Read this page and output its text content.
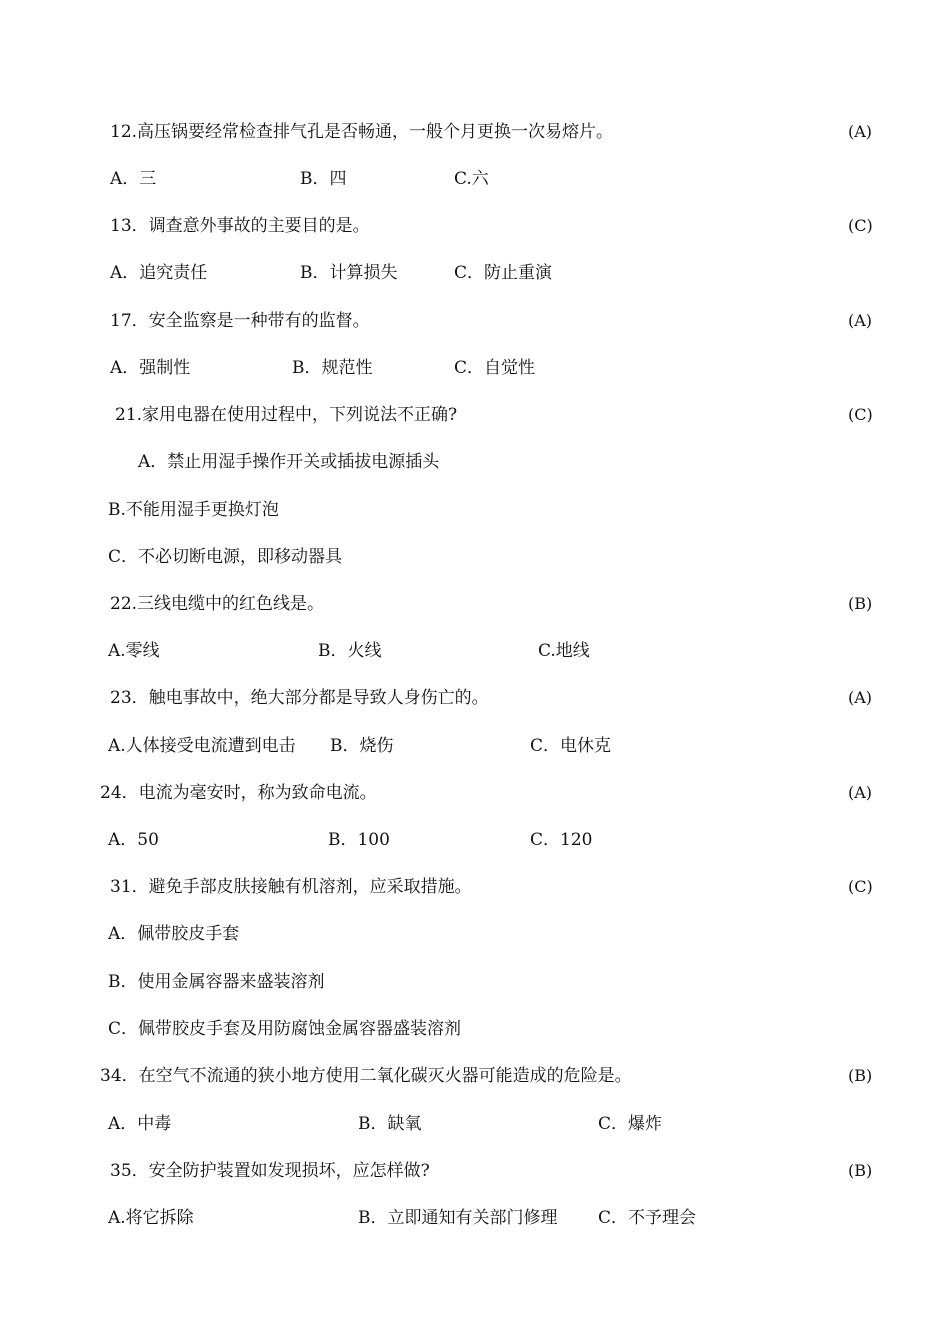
12.高压锅要经常检查排气孔是否畅通，一般个月更换一次易熔片。	(A)
A．三	B．四	C.六
13．调查意外事故的主要目的是。	(C)
A．追究责任	B．计算损失	C．防止重演
17．安全监察是一种带有的监督。	(A)
A．强制性	B．规范性	C．自觉性
21.家用电器在使用过程中，下列说法不正确?	(C)
A．禁止用湿手操作开关或插拔电源插头
B.不能用湿手更换灯泡
C．不必切断电源，即移动器具
22.三线电缆中的红色线是。	(B)
A.零线	B．火线	C.地线
23．触电事故中，绝大部分都是导致人身伤亡的。	(A)
A.人体接受电流遭到电击 B．烧伤	C．电休克
24．电流为毫安时，称为致命电流。	(A)
A．50	B．100	C．120
31．避免手部皮肤接触有机溶剂，应采取措施。	(C)
A．佩带胶皮手套
B．使用金属容器来盛装溶剂
C．佩带胶皮手套及用防腐蚀金属容器盛装溶剂
34．在空气不流通的狭小地方使用二氧化碳灭火器可能造成的危险是。	(B)
A．中毒	B．缺氧	C．爆炸
35．安全防护装置如发现损坏，应怎样做?	(B)
A.将它拆除	B．立即通知有关部门修理 C．不予理会
